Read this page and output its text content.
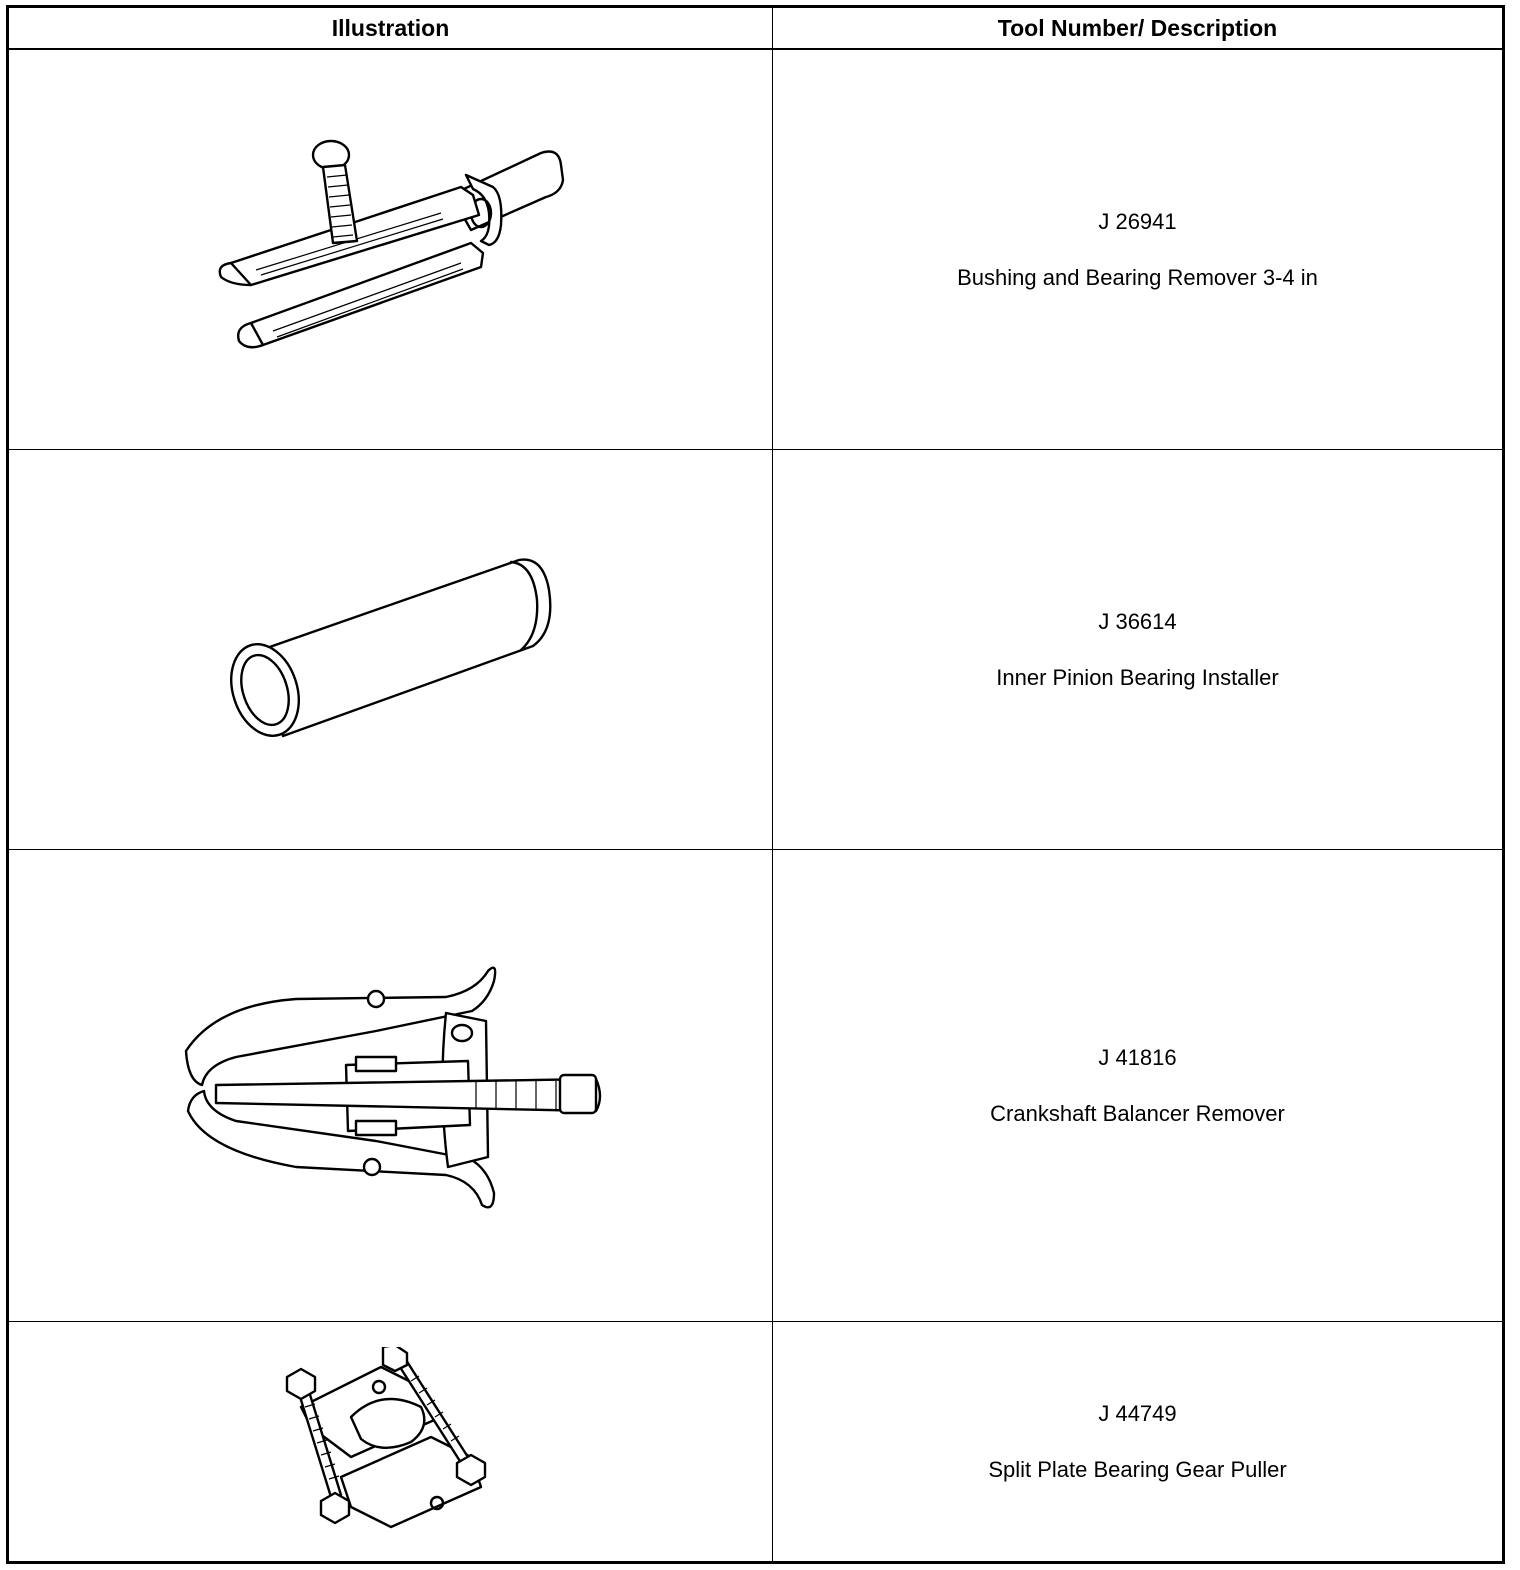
Illustration	Tool Number/ Description
J 26941
Bushing and Bearing Remover 3-4 in
J 36614
Inner Pinion Bearing Installer
J 41816
Crankshaft Balancer Remover
J 44749
Split Plate Bearing Gear Puller
